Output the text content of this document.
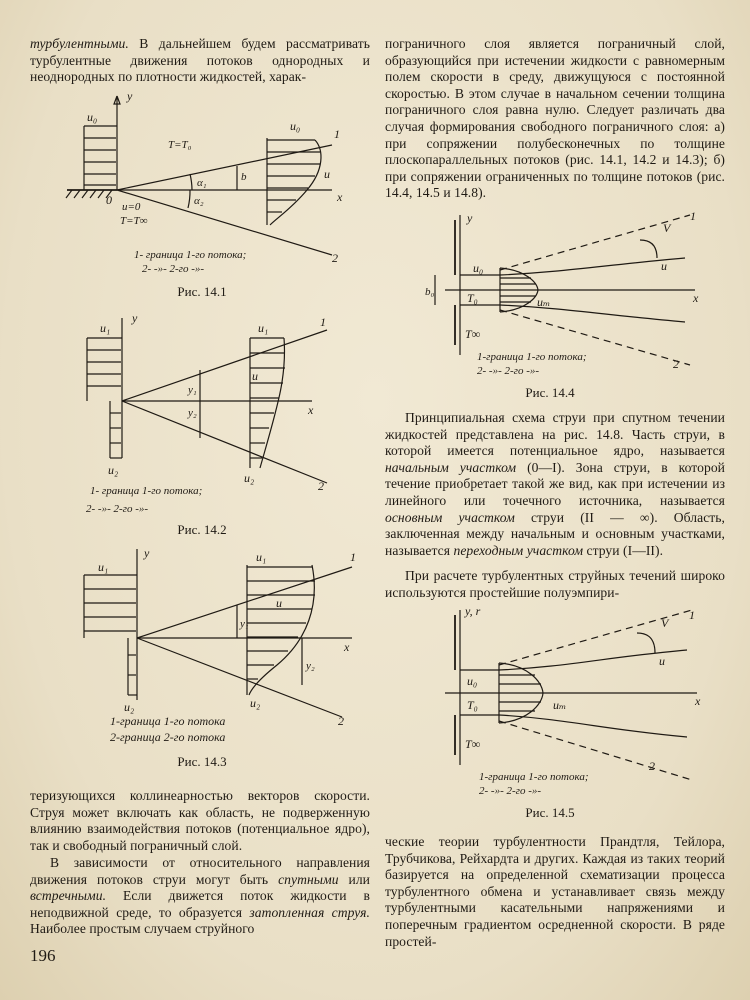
турбулентными. В дальнейшем будем рассматривать турбулентные движения потоков однородных и неоднородных по плотности жидкостей, харак-
y
u₀
u₀
T=T₀
1
u
b
α₁
α₂
0	x
u=0
T=T∞
2
1- граница 1-го потока;
2- -»- 2-го -»-
Рис. 14.1
u₁
y
u₁	1
y₁
y₂
u
x
u₂
u₂
2
1- граница 1-го потока;
2- -»- 2-го -»-
Рис. 14.2
y
u₁
u₁	1
y₁
u
x
y₂
u₂	u₂
2
1-граница 1-го потока
2-граница 2-го потока
Рис. 14.3
теризующихся коллинеарностью векторов скорости. Струя может включать как область, не подверженную влиянию взаимодействия потоков (потенциальное ядро), так и свободный пограничный слой.
В зависимости от относительного направления движения потоков струи могут быть спутными или встречными. Если движется поток жидкости в неподвижной среде, то образуется затопленная струя. Наиболее простым случаем струйного
пограничного слоя является пограничный слой, образующийся при истечении жидкости с равномерным полем скорости в среду, движущуюся с постоянной скоростью. В этом случае в начальном сечении толщина пограничного слоя равна нулю. Следует различать два случая формирования свободного пограничного слоя: а) при сопряжении полубесконечных по толщине плоскопараллельных потоков (рис. 14.1, 14.2 и 14.3); б) при сопряжении ограниченных по толщине потоков (рис. 14.4, 14.5 и 14.8).
y
V
1
u₀	u
b₀	T₀	uₘ	x
T∞
2
1-граница 1-го потока;
2- -»- 2-го -»-
Рис. 14.4
Принципиальная схема струи при спутном течении жидкостей представлена на рис. 14.8. Часть струи, в которой имеется потенциальное ядро, называется начальным участком (0—I). Зона струи, в которой течение приобретает такой же вид, как при истечении из линейного или точечного источника, называется основным участком струи (II — ∞). Область, заключенная между начальным и основным участками, называется переходным участком струи (I—II).
При расчете турбулентных струйных течений широко используются простейшие полуэмпири-
y, r
V
1
u
u₀
T₀	uₘ	x
T∞
2
1-граница 1-го потока;
2- -»- 2-го -»-
Рис. 14.5
ческие теории турбулентности Прандтля, Тейлора, Трубчикова, Рейхардта и других. Каждая из таких теорий базируется на определенной схематизации процесса турбулентного обмена и устанавливает связь между турбулентными касательными напряжениями и поперечным градиентом осредненной скорости. В ряде простей-
196
